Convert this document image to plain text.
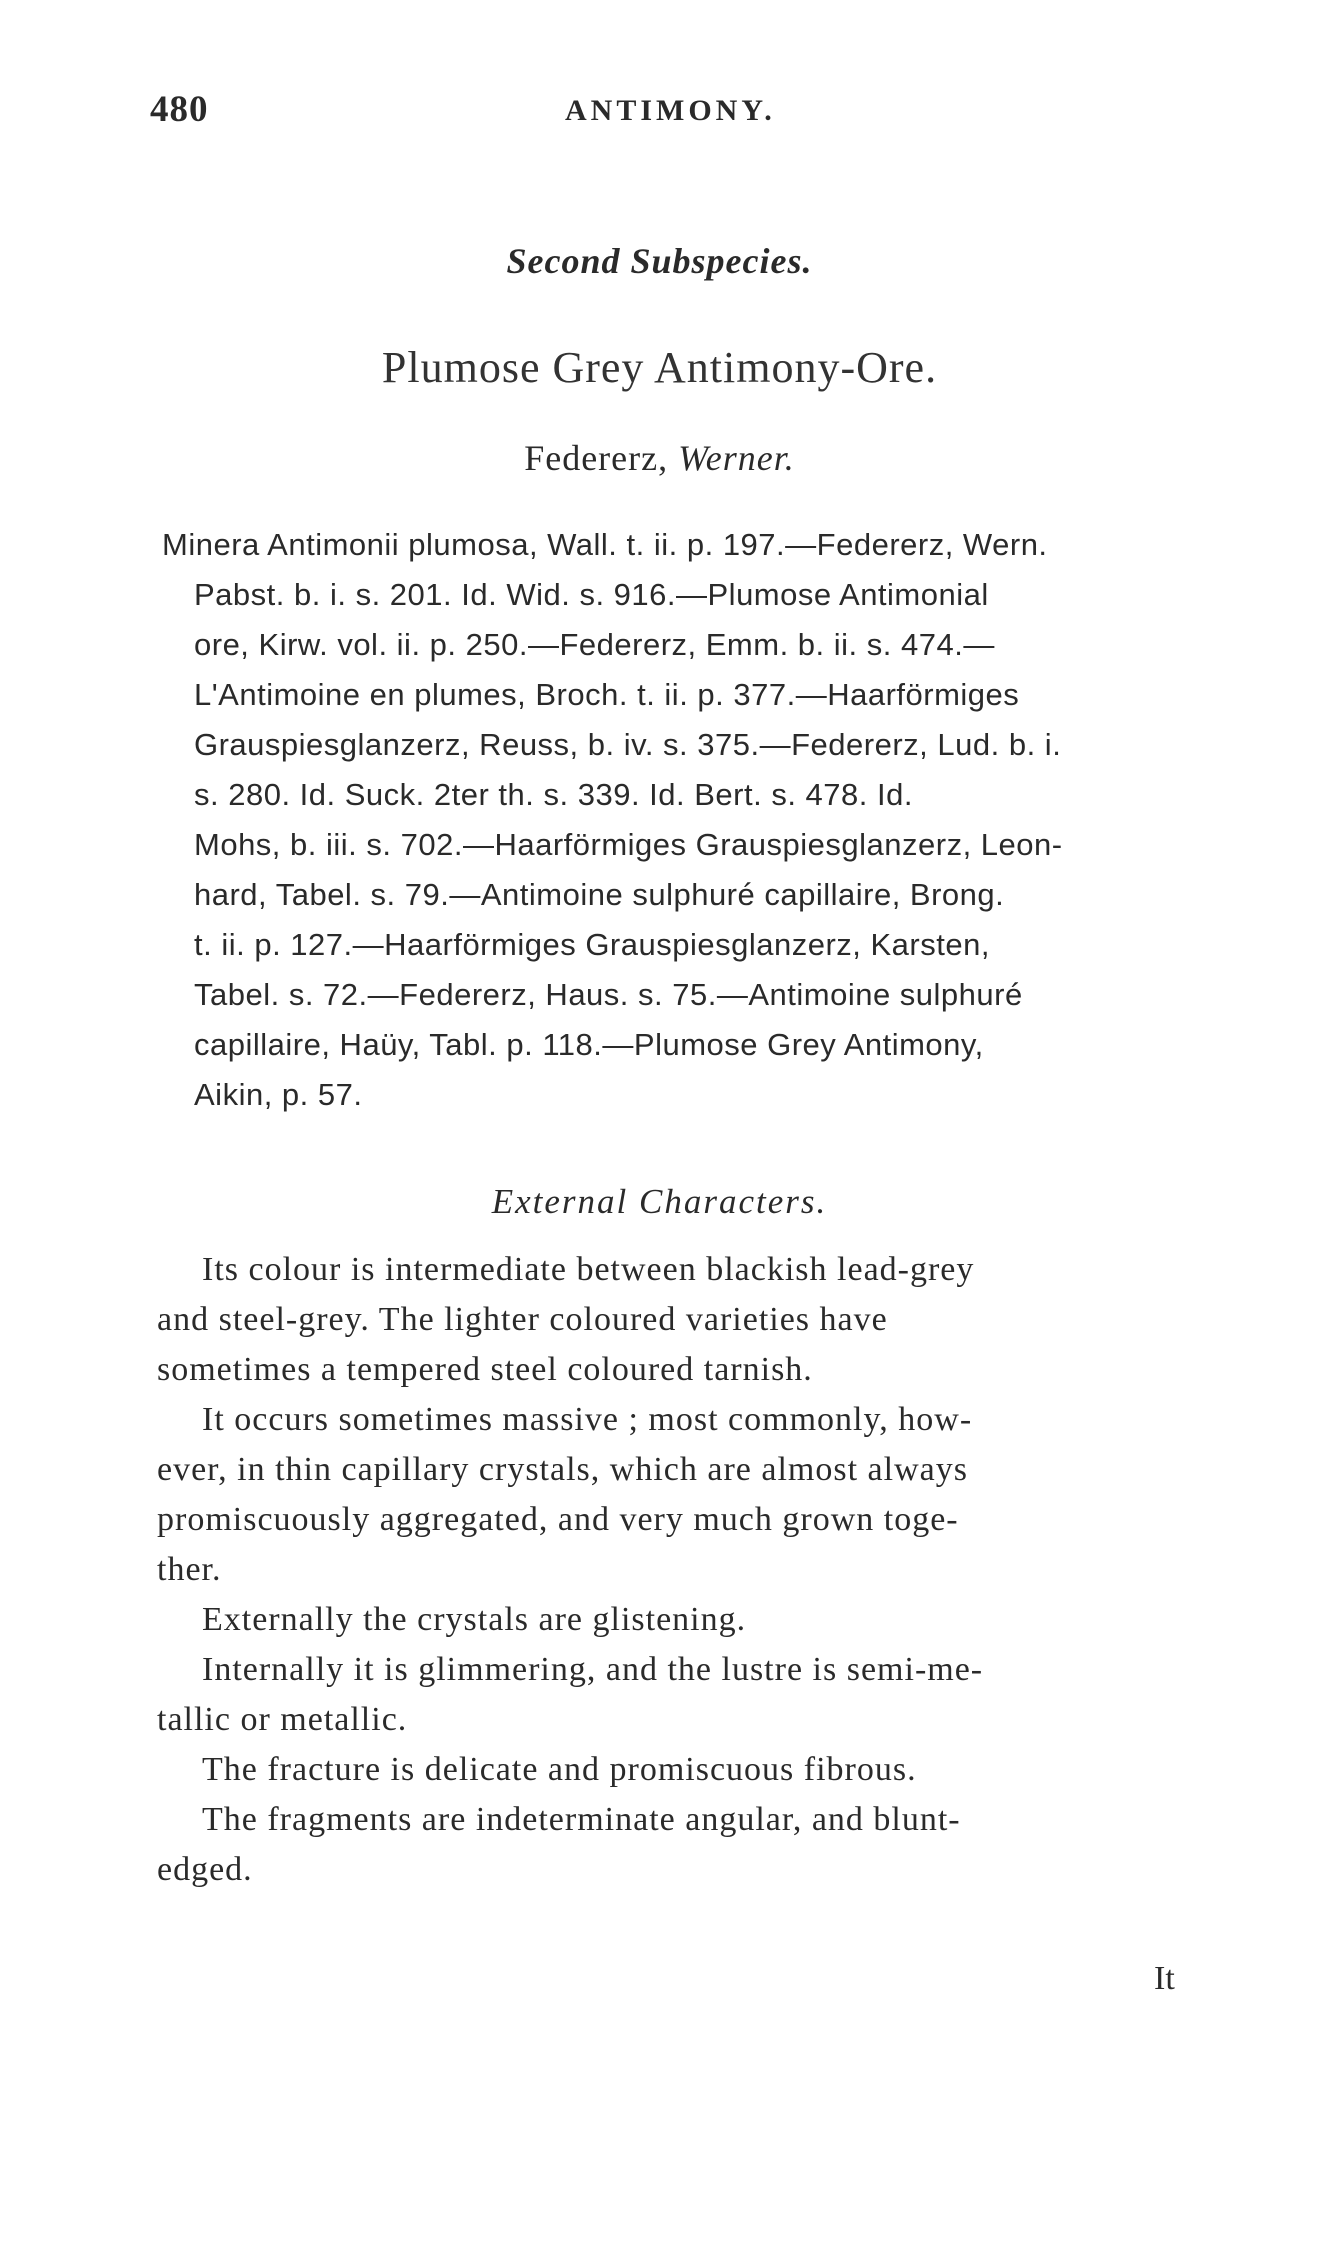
480	ANTIMONY.
Second Subspecies.
Plumose Grey Antimony-Ore.
Federerz, Werner.
Minera Antimonii plumosa, Wall. t. ii. p. 197.—Federerz, Wern.
Pabst. b. i. s. 201. Id. Wid. s. 916.—Plumose Antimonial
ore, Kirw. vol. ii. p. 250.—Federerz, Emm. b. ii. s. 474.—
L'Antimoine en plumes, Broch. t. ii. p. 377.—Haarförmiges
Grauspiesglanzerz, Reuss, b. iv. s. 375.—Federerz, Lud. b. i.
s. 280. Id. Suck. 2ter th. s. 339. Id. Bert. s. 478. Id.
Mohs, b. iii. s. 702.—Haarförmiges Grauspiesglanzerz, Leon-
hard, Tabel. s. 79.—Antimoine sulphuré capillaire, Brong.
t. ii. p. 127.—Haarförmiges Grauspiesglanzerz, Karsten,
Tabel. s. 72.—Federerz, Haus. s. 75.—Antimoine sulphuré
capillaire, Haüy, Tabl. p. 118.—Plumose Grey Antimony,
Aikin, p. 57.
External Characters.
Its colour is intermediate between blackish lead-grey
and steel-grey. The lighter coloured varieties have
sometimes a tempered steel coloured tarnish.
It occurs sometimes massive ; most commonly, how-
ever, in thin capillary crystals, which are almost always
promiscuously aggregated, and very much grown toge-
ther.
Externally the crystals are glistening.
Internally it is glimmering, and the lustre is semi-me-
tallic or metallic.
The fracture is delicate and promiscuous fibrous.
The fragments are indeterminate angular, and blunt-
edged.
It
